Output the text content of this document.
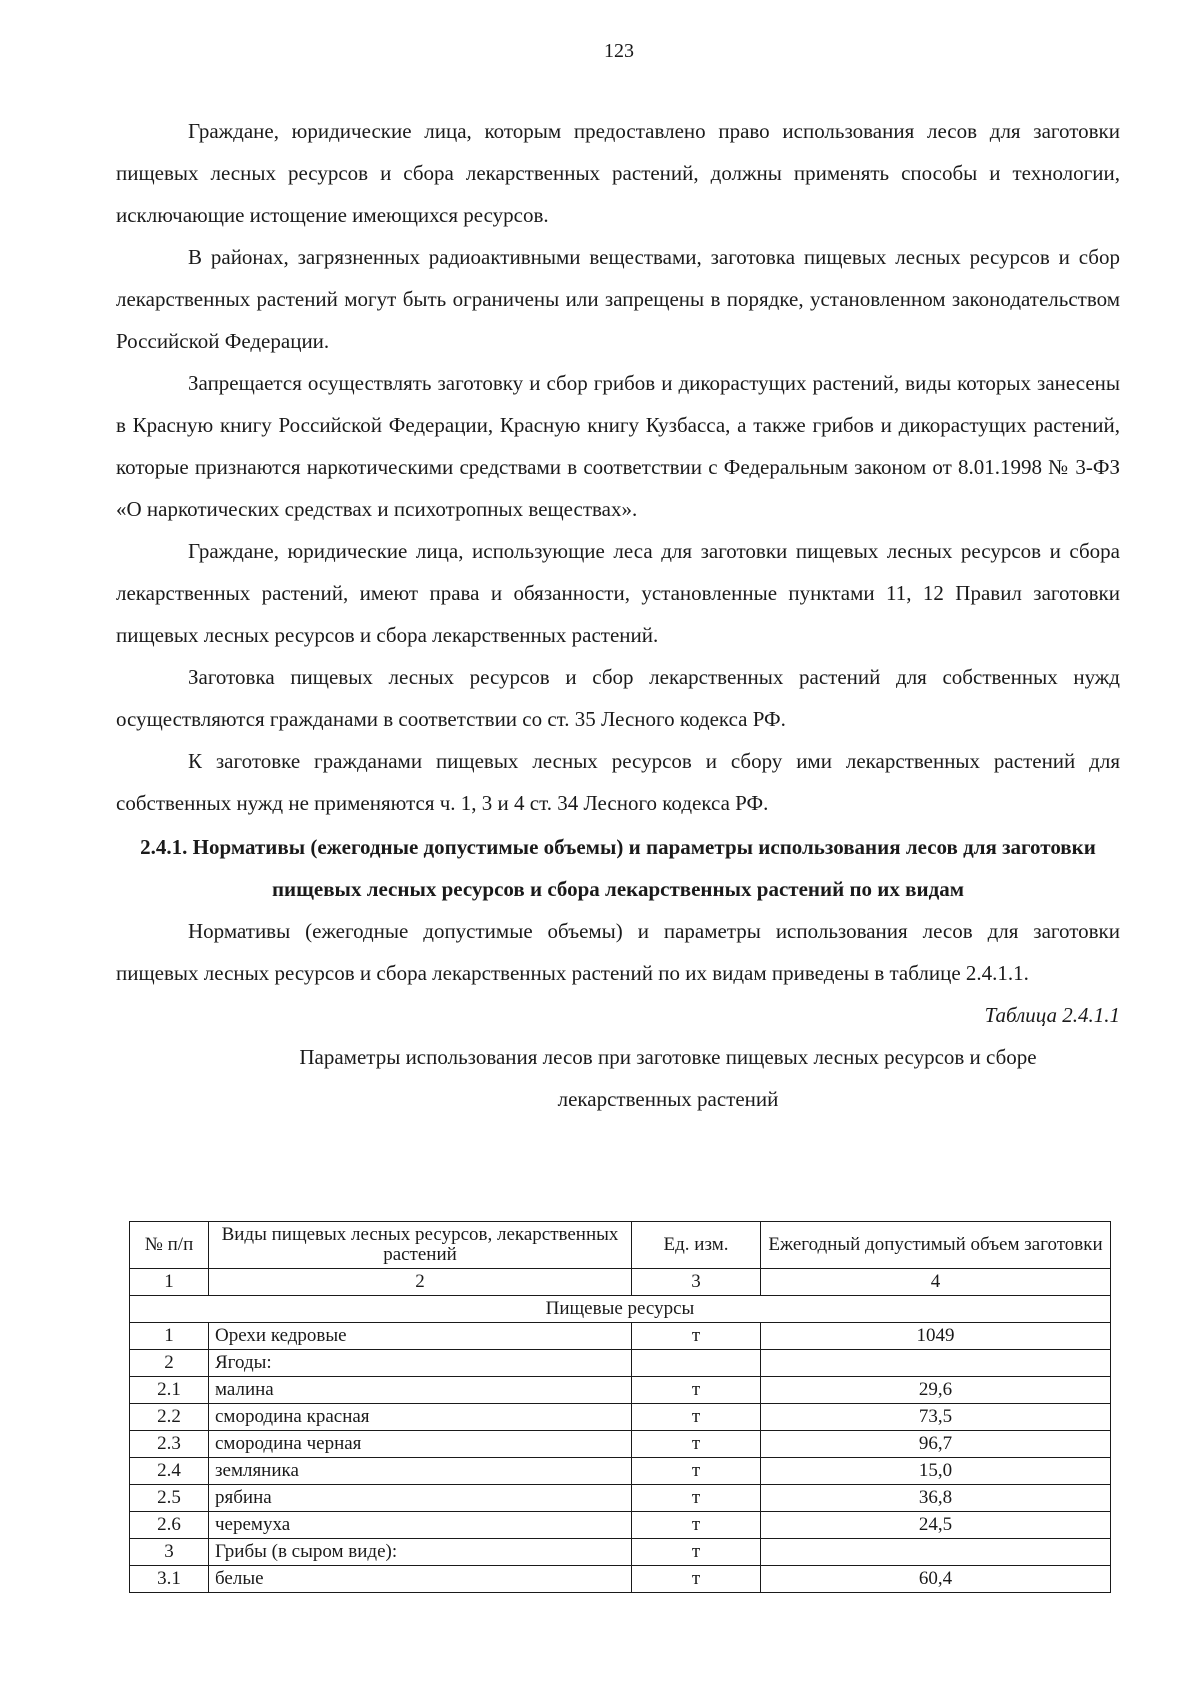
123

Граждане, юридические лица, которым предоставлено право использования лесов для заготовки пищевых лесных ресурсов и сбора лекарственных растений, должны применять способы и технологии, исключающие истощение имеющихся ресурсов.

В районах, загрязненных радиоактивными веществами, заготовка пищевых лесных ресурсов и сбор лекарственных растений могут быть ограничены или запрещены в порядке, установленном законодательством Российской Федерации.

Запрещается осуществлять заготовку и сбор грибов и дикорастущих растений, виды которых занесены в Красную книгу Российской Федерации, Красную книгу Кузбасса, а также грибов и дикорастущих растений, которые признаются наркотическими средствами в соответствии с Федеральным законом от 8.01.1998 № 3-ФЗ «О наркотических средствах и психотропных веществах».

Граждане, юридические лица, использующие леса для заготовки пищевых лесных ресурсов и сбора лекарственных растений, имеют права и обязанности, установленные пунктами 11, 12 Правил заготовки пищевых лесных ресурсов и сбора лекарственных растений.

Заготовка пищевых лесных ресурсов и сбор лекарственных растений для собственных нужд осуществляются гражданами в соответствии со ст. 35 Лесного кодекса РФ.

К заготовке гражданами пищевых лесных ресурсов и сбору ими лекарственных растений для собственных нужд не применяются ч. 1, 3 и 4 ст. 34 Лесного кодекса РФ.

2.4.1. Нормативы (ежегодные допустимые объемы) и параметры использования лесов для заготовки пищевых лесных ресурсов и сбора лекарственных растений по их видам

Нормативы (ежегодные допустимые объемы) и параметры использования лесов для заготовки пищевых лесных ресурсов и сбора лекарственных растений по их видам приведены в таблице 2.4.1.1.

Таблица 2.4.1.1

Параметры использования лесов при заготовке пищевых лесных ресурсов и сборе

лекарственных растений

№ п/п	Виды пищевых лесных ресурсов, лекарственных растений	Ед. изм.	Ежегодный допустимый объем заготовки
1	2	3	4
Пищевые ресурсы			
1	Орехи кедровые	т	1049
2	Ягоды:		
2.1	малина	т	29,6
2.2	смородина красная	т	73,5
2.3	смородина черная	т	96,7
2.4	земляника	т	15,0
2.5	рябина	т	36,8
2.6	черемуха	т	24,5
3	Грибы (в сыром виде):	т	
3.1	белые	т	60,4
